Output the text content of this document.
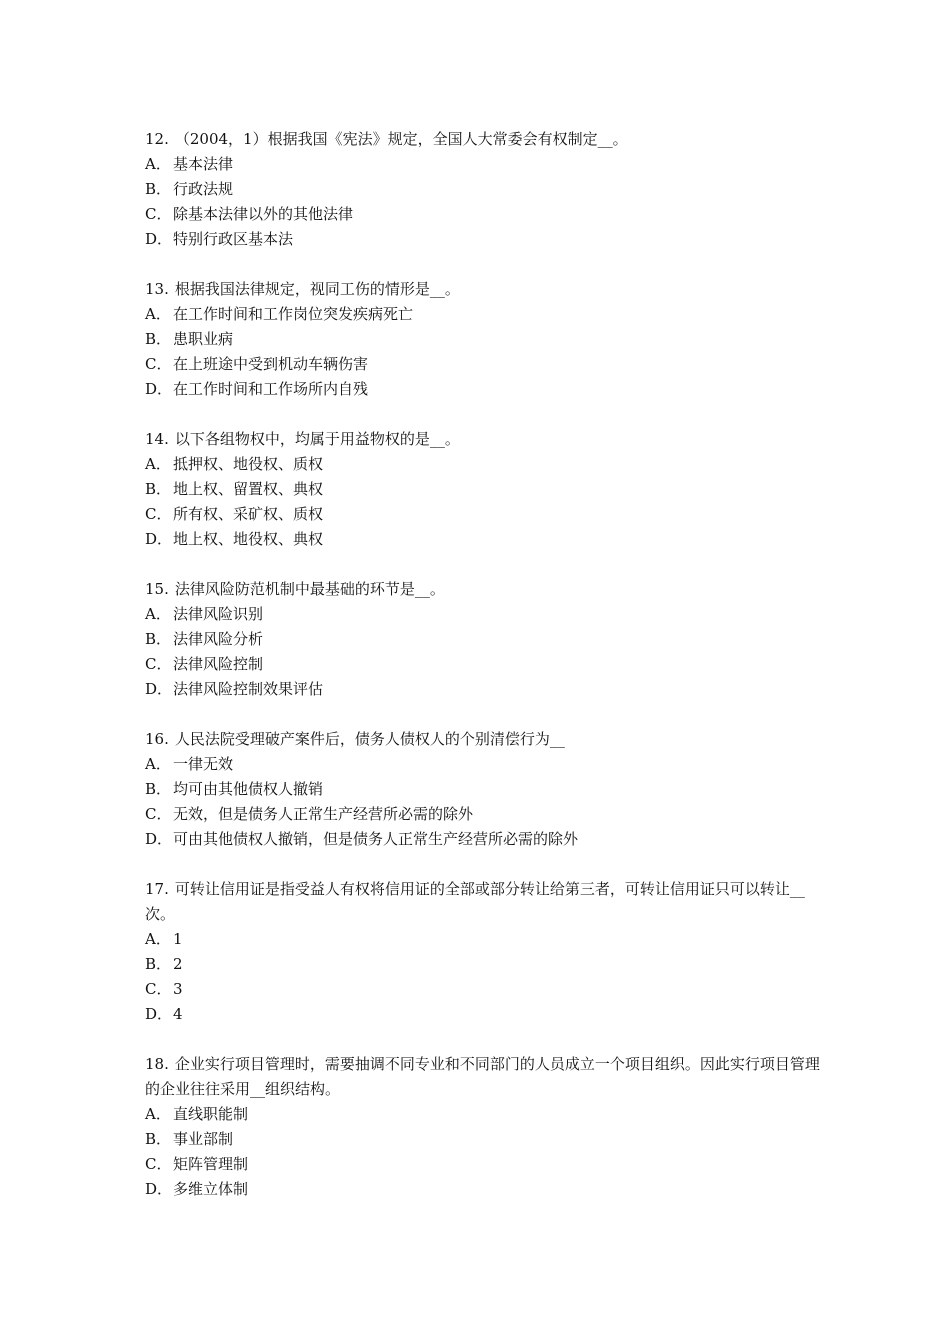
12. （2004，1）根据我国《宪法》规定，全国人大常委会有权制定__。

A． 基本法律
B． 行政法规
C． 除基本法律以外的其他法律
D．特别行政区基本法

13. 根据我国法律规定，视同工伤的情形是__。

A． 在工作时间和工作岗位突发疾病死亡
B． 患职业病
C． 在上班途中受到机动车辆伤害
D．在工作时间和工作场所内自残

14. 以下各组物权中，均属于用益物权的是__。

A． 抵押权、地役权、质权
B． 地上权、留置权、典权
C． 所有权、采矿权、质权
D．地上权、地役权、典权

15. 法律风险防范机制中最基础的环节是__。

A． 法律风险识别
B． 法律风险分析
C． 法律风险控制
D．法律风险控制效果评估

16. 人民法院受理破产案件后，债务人债权人的个别清偿行为__

A． 一律无效
B． 均可由其他债权人撤销
C． 无效，但是债务人正常生产经营所必需的除外
D．可由其他债权人撤销，但是债务人正常生产经营所必需的除外

17. 可转让信用证是指受益人有权将信用证的全部或部分转让给第三者，可转让信用证只可以转让__次。

A． 1
B． 2
C． 3
D．4

18. 企业实行项目管理时，需要抽调不同专业和不同部门的人员成立一个项目组织。因此实行项目管理的企业往往采用__组织结构。

A． 直线职能制
B． 事业部制
C． 矩阵管理制
D．多维立体制
